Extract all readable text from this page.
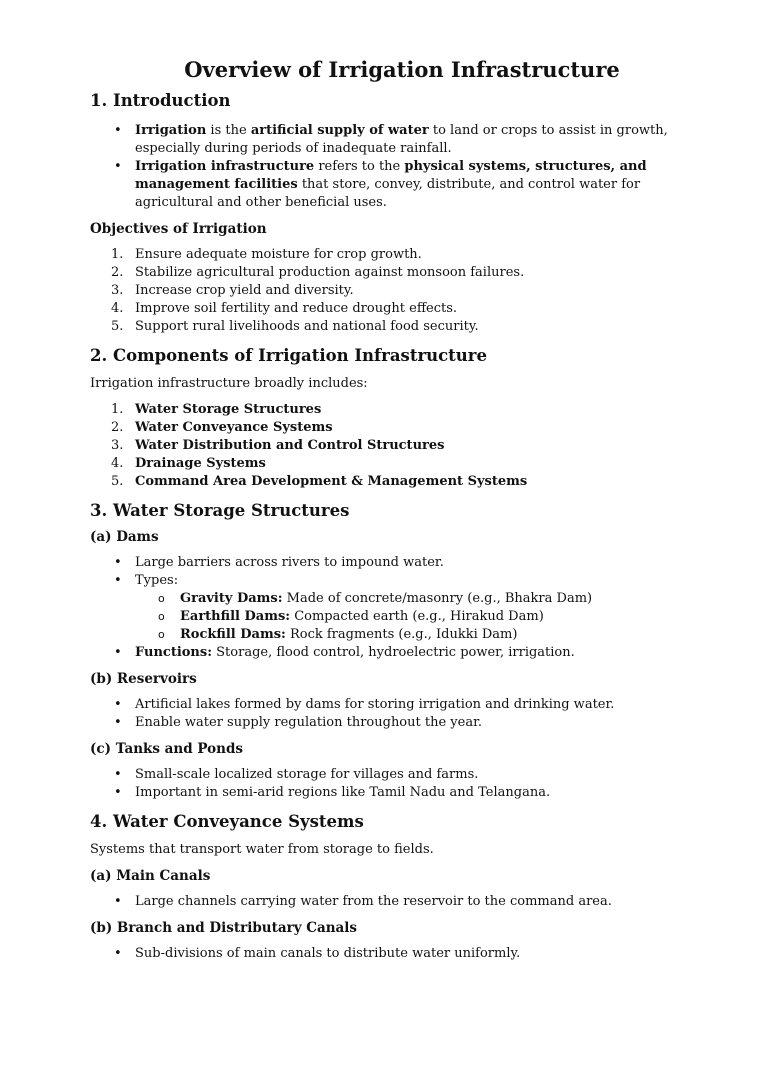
Overview of Irrigation Infrastructure
1. Introduction
• Irrigation is the artificial supply of water to land or crops to assist in growth, especially during periods of inadequate rainfall.
• Irrigation infrastructure refers to the physical systems, structures, and management facilities that store, convey, distribute, and control water for agricultural and other beneficial uses.
Objectives of Irrigation
1. Ensure adequate moisture for crop growth.
2. Stabilize agricultural production against monsoon failures.
3. Increase crop yield and diversity.
4. Improve soil fertility and reduce drought effects.
5. Support rural livelihoods and national food security.
2. Components of Irrigation Infrastructure

Irrigation infrastructure broadly includes:

1. Water Storage Structures
2. Water Conveyance Systems
3. Water Distribution and Control Structures
4. Drainage Systems
5. Command Area Development & Management Systems
3. Water Storage Structures
(a) Dams
• Large barriers across rivers to impound water.
• Types:
o Gravity Dams: Made of concrete/masonry (e.g., Bhakra Dam)
o Earthfill Dams: Compacted earth (e.g., Hirakud Dam)
o Rockfill Dams: Rock fragments (e.g., Idukki Dam)
• Functions: Storage, flood control, hydroelectric power, irrigation.
(b) Reservoirs
• Artificial lakes formed by dams for storing irrigation and drinking water.
• Enable water supply regulation throughout the year.
(c) Tanks and Ponds
• Small-scale localized storage for villages and farms.
• Important in semi-arid regions like Tamil Nadu and Telangana.
4. Water Conveyance Systems

Systems that transport water from storage to fields.

(a) Main Canals
• Large channels carrying water from the reservoir to the command area.
(b) Branch and Distributary Canals
• Sub-divisions of main canals to distribute water uniformly.
